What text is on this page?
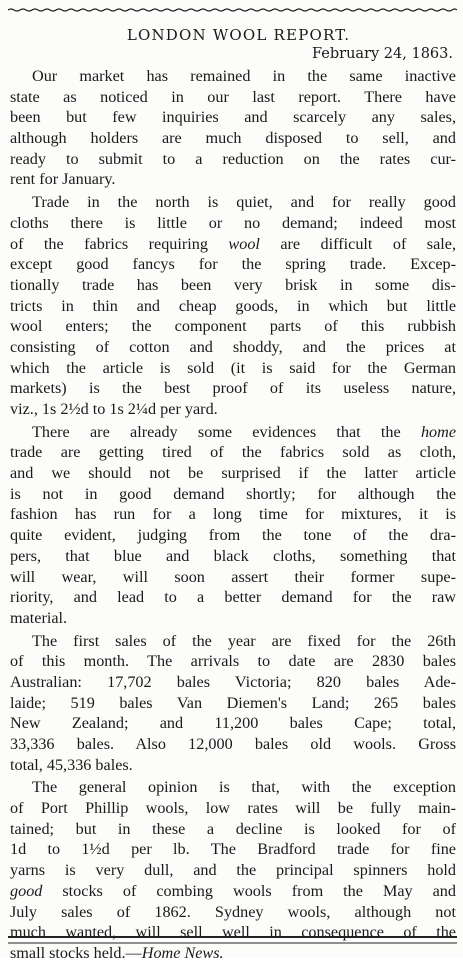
LONDON WOOL REPORT.

February 24, 1863.

Our market has remained in the same inactive
state as noticed in our last report. There have
been but few inquiries and scarcely any sales,
although holders are much disposed to sell, and
ready to submit to a reduction on the rates cur-
rent for January.
Trade in the north is quiet, and for really good
cloths there is little or no demand; indeed most
of the fabrics requiring wool are difficult of sale,
except good fancys for the spring trade. Excep-
tionally trade has been very brisk in some dis-
tricts in thin and cheap goods, in which but little
wool enters; the component parts of this rubbish
consisting of cotton and shoddy, and the prices at
which the article is sold (it is said for the German
markets) is the best proof of its useless nature,
viz., 1s 2½d to 1s 2¼d per yard.
There are already some evidences that the home
trade are getting tired of the fabrics sold as cloth,
and we should not be surprised if the latter article
is not in good demand shortly; for although the
fashion has run for a long time for mixtures, it is
quite evident, judging from the tone of the dra-
pers, that blue and black cloths, something that
will wear, will soon assert their former supe-
riority, and lead to a better demand for the raw
material.
The first sales of the year are fixed for the 26th
of this month. The arrivals to date are 2830 bales
Australian: 17,702 bales Victoria; 820 bales Ade-
laide; 519 bales Van Diemen's Land; 265 bales
New Zealand; and 11,200 bales Cape; total,
33,336 bales. Also 12,000 bales old wools. Gross
total, 45,336 bales.
The general opinion is that, with the exception
of Port Phillip wools, low rates will be fully main-
tained; but in these a decline is looked for of
1d to 1½d per lb. The Bradford trade for fine
yarns is very dull, and the principal spinners hold
good stocks of combing wools from the May and
July sales of 1862. Sydney wools, although not
much wanted, will sell well in consequence of the
small stocks held.—Home News.
